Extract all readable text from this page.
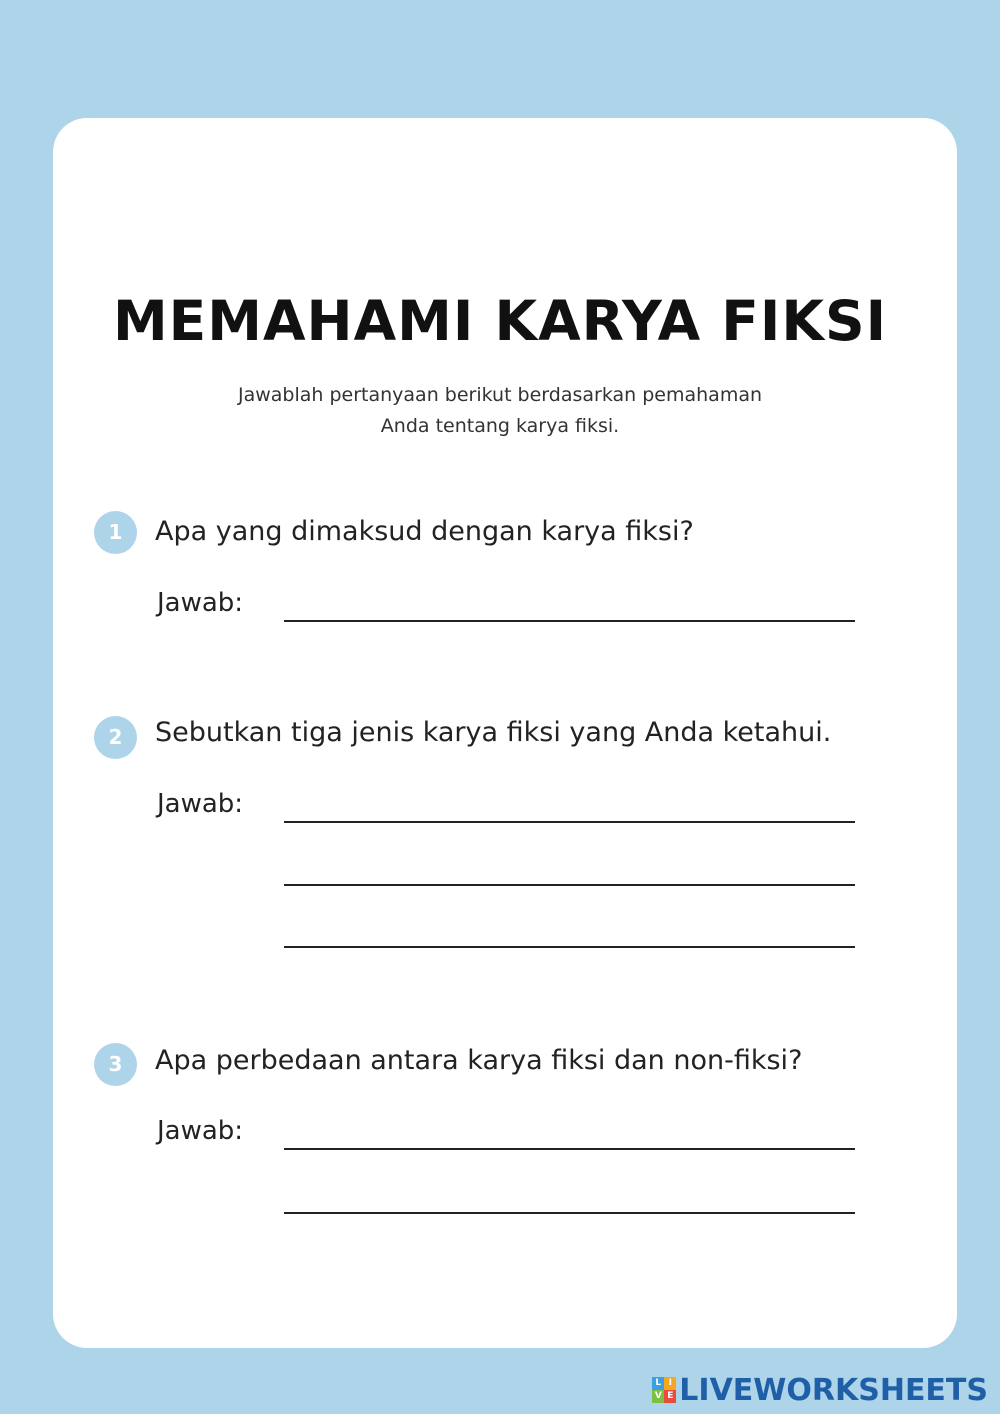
MEMAHAMI KARYA FIKSI
Jawablah pertanyaan berikut berdasarkan pemahaman
Anda tentang karya fiksi.
1	Apa yang dimaksud dengan karya fiksi?
Jawab:
2	Sebutkan tiga jenis karya fiksi yang Anda ketahui.
Jawab:
3	Apa perbedaan antara karya fiksi dan non-fiksi?
Jawab:
L I
V E LIVEWORKSHEETS
